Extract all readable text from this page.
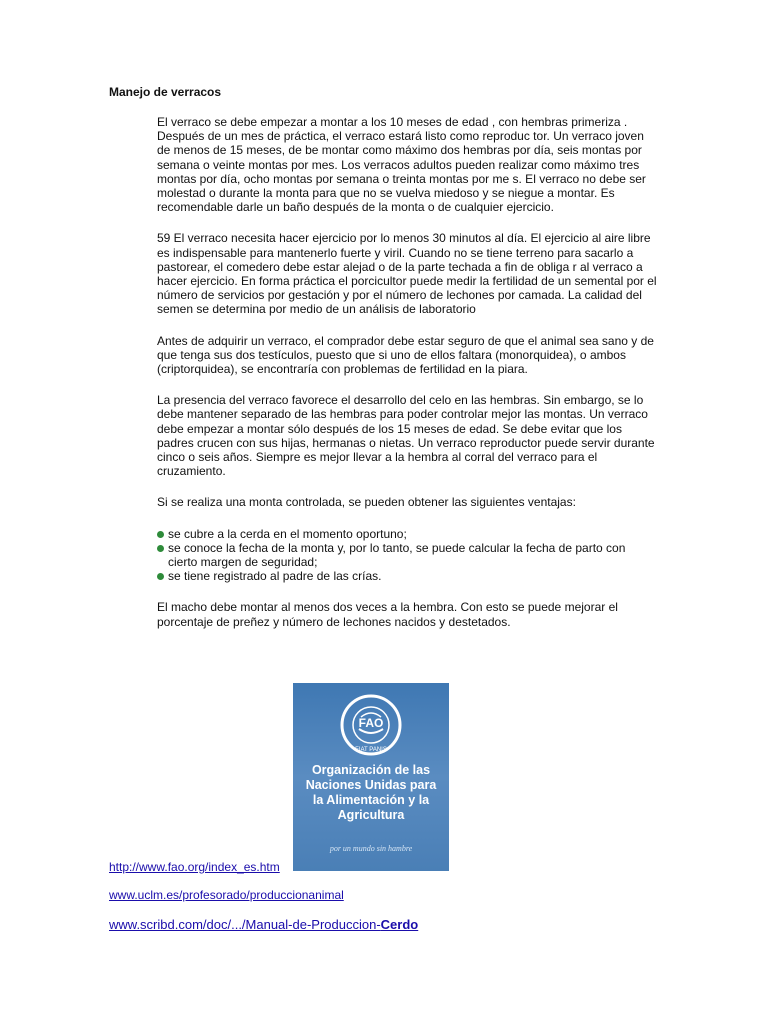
Manejo de verracos

El verraco se debe empezar a montar a los 10 meses de edad , con hembras primeriza . Después de un mes de práctica, el verraco estará listo como reproduc tor. Un verraco joven de menos de 15 meses, de be montar como máximo dos hembras por día, seis montas por semana o veinte montas por mes. Los verracos adultos pueden realizar como máximo tres montas por día, ocho montas por semana o treinta montas por me s. El verraco no debe ser molestad o durante la monta para que no se vuelva miedoso y se niegue a montar. Es recomendable darle un baño después de la monta o de cualquier ejercicio.

59 El verraco necesita hacer ejercicio por lo menos 30 minutos al día. El ejercicio al aire libre es indispensable para mantenerlo fuerte y viril. Cuando no se tiene terreno para sacarlo a pastorear, el comedero debe estar alejad o de la parte techada a fin de obliga r al verraco a hacer ejercicio. En forma práctica el porcicultor puede medir la fertilidad de un semental por el número de servicios por gestación y por el número de lechones por camada. La calidad del semen se determina por medio de un análisis de laboratorio

Antes de adquirir un verraco, el comprador debe estar seguro de que el animal sea sano y de que tenga sus dos testículos, puesto que si uno de ellos faltara (monorquidea), o ambos (criptorquidea), se encontraría con problemas de fertilidad en la piara.

La presencia del verraco favorece el desarrollo del celo en las hembras. Sin embargo, se lo debe mantener separado de las hembras para poder controlar mejor las montas. Un verraco debe empezar a montar sólo después de los 15 meses de edad. Se debe evitar que los padres crucen con sus hijas, hermanas o nietas. Un verraco reproductor puede servir durante cinco o seis años. Siempre es mejor llevar a la hembra al corral del verraco para el cruzamiento.

Si se realiza una monta controlada, se pueden obtener las siguientes ventajas:

se cubre a la cerda en el momento oportuno;
se conoce la fecha de la monta y, por lo tanto, se puede calcular la fecha de parto con cierto margen de seguridad;
se tiene registrado al padre de las crías.

El macho debe montar al menos dos veces a la hembra. Con esto se puede mejorar el porcentaje de preñez y número de lechones nacidos y destetados.

FAO
FIAT PANIS
Organización de las Naciones Unidas para la Alimentación y la Agricultura
por un mundo sin hambre
http://www.fao.org/index_es.htm
www.uclm.es/profesorado/produccionanimal
www.scribd.com/doc/.../Manual-de-Produccion-Cerdo
